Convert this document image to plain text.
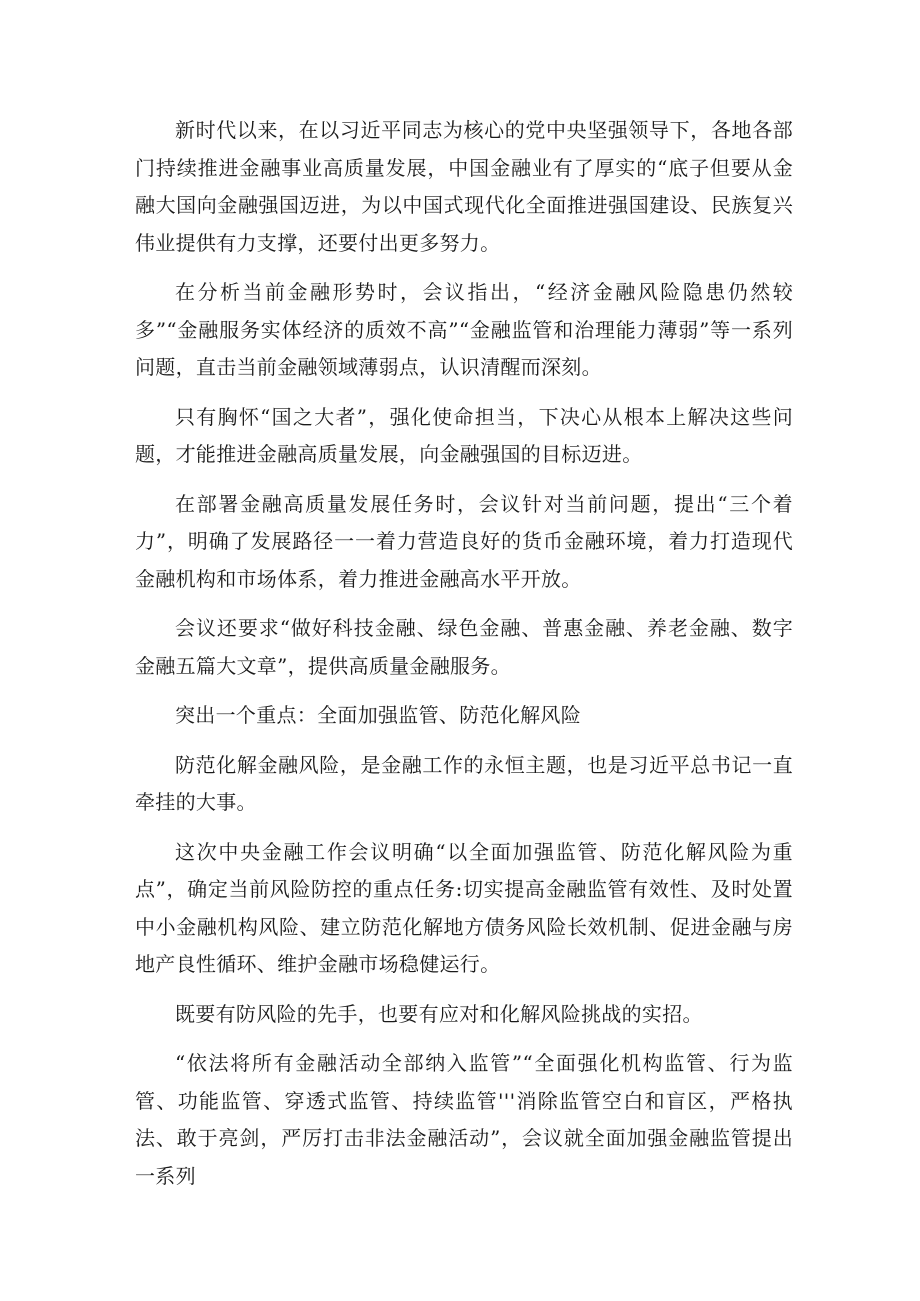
新时代以来，在以习近平同志为核心的党中央坚强领导下，各地各部门持续推进金融事业高质量发展，中国金融业有了厚实的“底子但要从金融大国向金融强国迈进，为以中国式现代化全面推进强国建设、民族复兴伟业提供有力支撑，还要付出更多努力。

在分析当前金融形势时，会议指出，“经济金融风险隐患仍然较多”“金融服务实体经济的质效不高”“金融监管和治理能力薄弱”等一系列问题，直击当前金融领域薄弱点，认识清醒而深刻。

只有胸怀“国之大者”，强化使命担当，下决心从根本上解决这些问题，才能推进金融高质量发展，向金融强国的目标迈进。

在部署金融高质量发展任务时，会议针对当前问题，提出“三个着力”，明确了发展路径一一着力营造良好的货币金融环境，着力打造现代金融机构和市场体系，着力推进金融高水平开放。

会议还要求“做好科技金融、绿色金融、普惠金融、养老金融、数字金融五篇大文章”，提供高质量金融服务。

突出一个重点：全面加强监管、防范化解风险

防范化解金融风险，是金融工作的永恒主题，也是习近平总书记一直牵挂的大事。

这次中央金融工作会议明确“以全面加强监管、防范化解风险为重点”，确定当前风险防控的重点任务:切实提高金融监管有效性、及时处置中小金融机构风险、建立防范化解地方债务风险长效机制、促进金融与房地产良性循环、维护金融市场稳健运行。

既要有防风险的先手，也要有应对和化解风险挑战的实招。

“依法将所有金融活动全部纳入监管”“全面强化机构监管、行为监管、功能监管、穿透式监管、持续监管'''消除监管空白和盲区，严格执法、敢于亮剑，严厉打击非法金融活动”，会议就全面加强金融监管提出一系列
